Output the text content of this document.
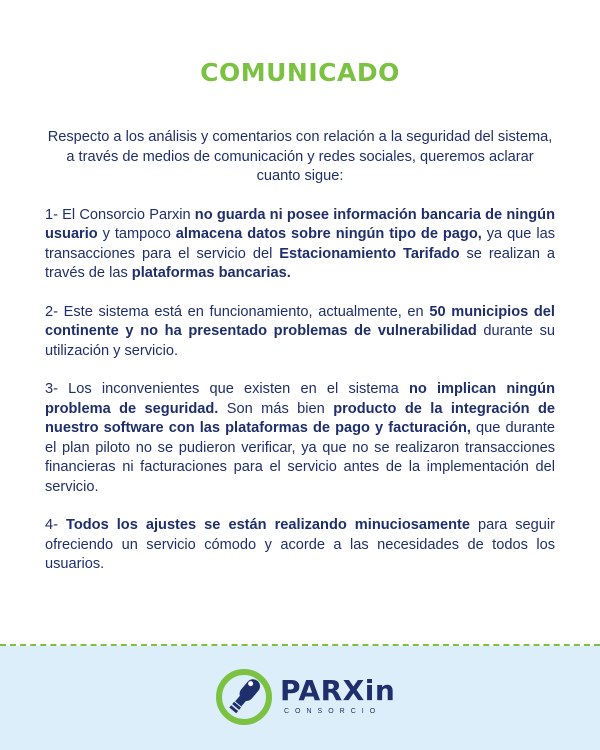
COMUNICADO

Respecto a los análisis y comentarios con relación a la seguridad del sistema, a través de medios de comunicación y redes sociales, queremos aclarar cuanto sigue:

1- El Consorcio Parxin no guarda ni posee información bancaria de ningún usuario y tampoco almacena datos sobre ningún tipo de pago, ya que las transacciones para el servicio del Estacionamiento Tarifado se realizan a través de las plataformas bancarias.

2- Este sistema está en funcionamiento, actualmente, en 50 municipios del continente y no ha presentado problemas de vulnerabilidad durante su utilización y servicio.

3- Los inconvenientes que existen en el sistema no implican ningún problema de seguridad. Son más bien producto de la integración de nuestro software con las plataformas de pago y facturación, que durante el plan piloto no se pudieron verificar, ya que no se realizaron transacciones financieras ni facturaciones para el servicio antes de la implementación del servicio.

4- Todos los ajustes se están realizando minuciosamente para seguir ofreciendo un servicio cómodo y acorde a las necesidades de todos los usuarios.

PARXin
CONSORCIO
